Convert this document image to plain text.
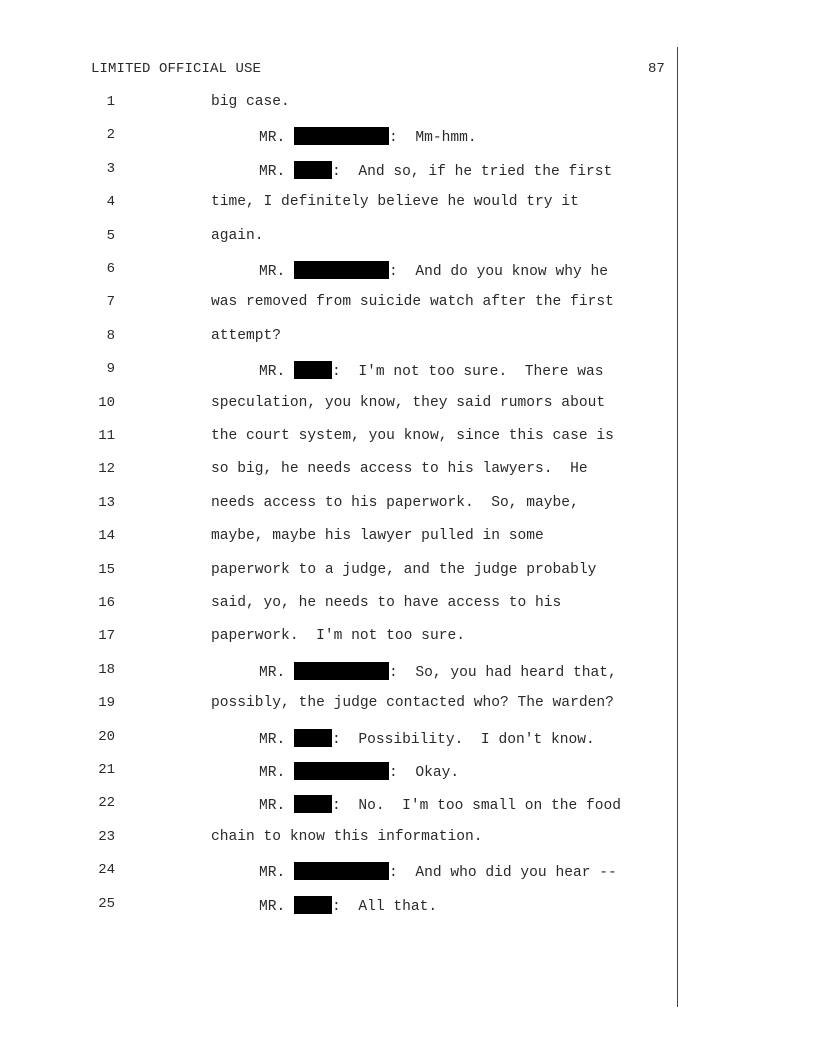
LIMITED OFFICIAL USE	87
1	big case.
2	MR.	:  Mm-hmm.
3	MR.	:  And so, if he tried the first
4	time, I definitely believe he would try it
5	again.
6	MR.	:  And do you know why he
7	was removed from suicide watch after the first
8	attempt?
9	MR.	:  I'm not too sure.  There was
10	speculation, you know, they said rumors about
11	the court system, you know, since this case is
12	so big, he needs access to his lawyers.  He
13	needs access to his paperwork.  So, maybe,
14	maybe, maybe his lawyer pulled in some
15	paperwork to a judge, and the judge probably
16	said, yo, he needs to have access to his
17	paperwork.  I'm not too sure.
18	MR.	:  So, you had heard that,
19	possibly, the judge contacted who? The warden?
20	MR.	:  Possibility.  I don't know.
21	MR.	:  Okay.
22	MR.	:  No.  I'm too small on the food
23	chain to know this information.
24	MR.	:  And who did you hear --
25	MR.	:  All that.
